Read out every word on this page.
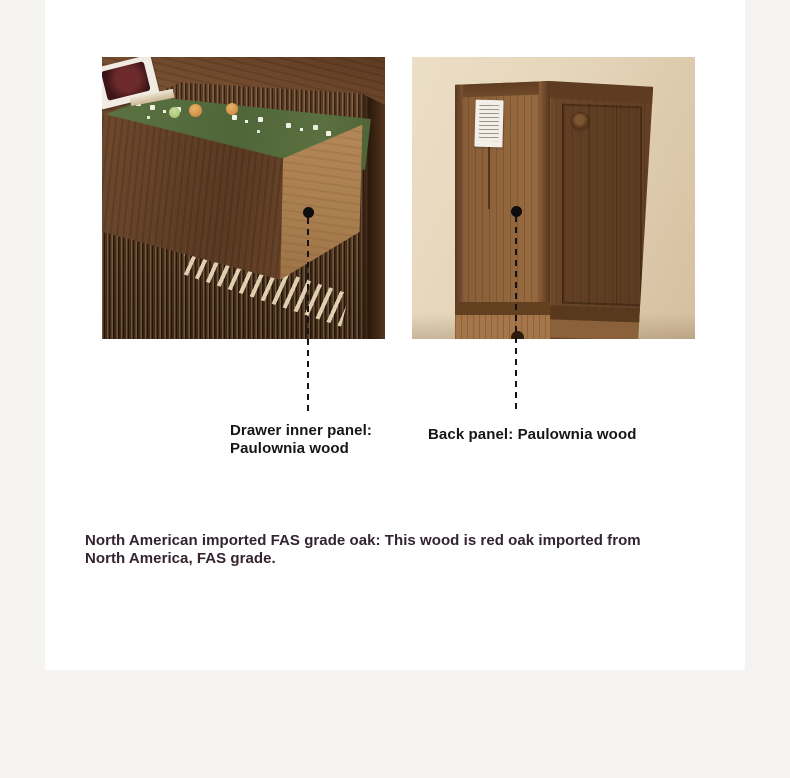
Drawer inner panel:
Paulownia wood
Back panel: Paulownia wood
North American imported FAS grade oak: This wood is red oak imported from
North America, FAS grade.
